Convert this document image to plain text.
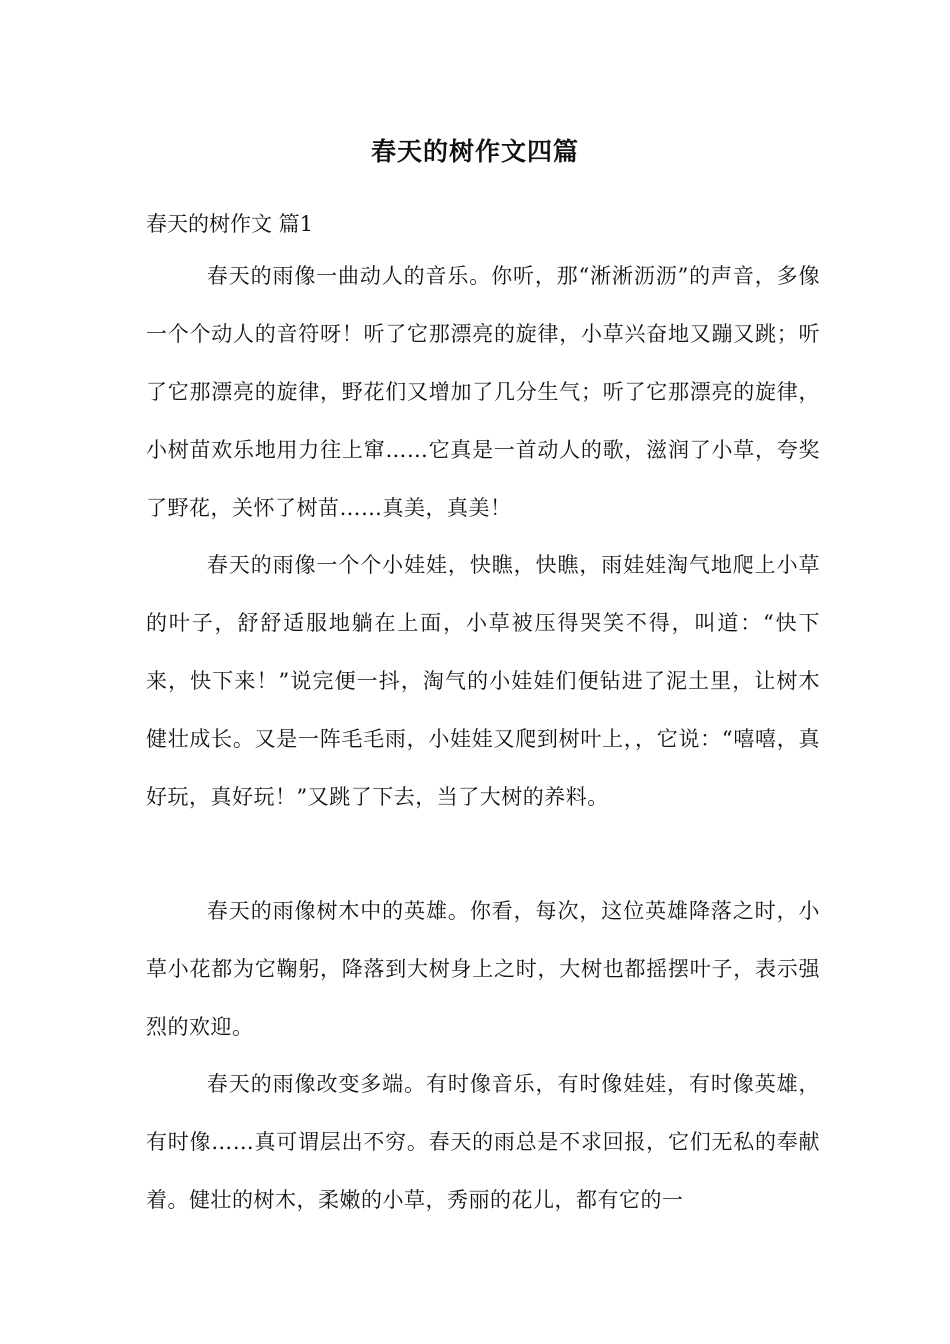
春天的树作文四篇
春天的树作文 篇1

春天的雨像一曲动人的音乐。你听，那“淅淅沥沥”的声音，多像一个个动人的音符呀！听了它那漂亮的旋律，小草兴奋地又蹦又跳；听了它那漂亮的旋律，野花们又增加了几分生气；听了它那漂亮的旋律，小树苗欢乐地用力往上窜……它真是一首动人的歌，滋润了小草，夸奖了野花，关怀了树苗……真美，真美！

春天的雨像一个个小娃娃，快瞧，快瞧，雨娃娃淘气地爬上小草的叶子，舒舒适服地躺在上面，小草被压得哭笑不得，叫道：“快下来，快下来！”说完便一抖，淘气的小娃娃们便钻进了泥土里，让树木健壮成长。又是一阵毛毛雨，小娃娃又爬到树叶上，，它说：“嘻嘻，真好玩，真好玩！”又跳了下去，当了大树的养料。

春天的雨像树木中的英雄。你看，每次，这位英雄降落之时，小草小花都为它鞠躬，降落到大树身上之时，大树也都摇摆叶子，表示强烈的欢迎。

春天的雨像改变多端。有时像音乐，有时像娃娃，有时像英雄，有时像……真可谓层出不穷。春天的雨总是不求回报，它们无私的奉献着。健壮的树木，柔嫩的小草，秀丽的花儿，都有它的一
